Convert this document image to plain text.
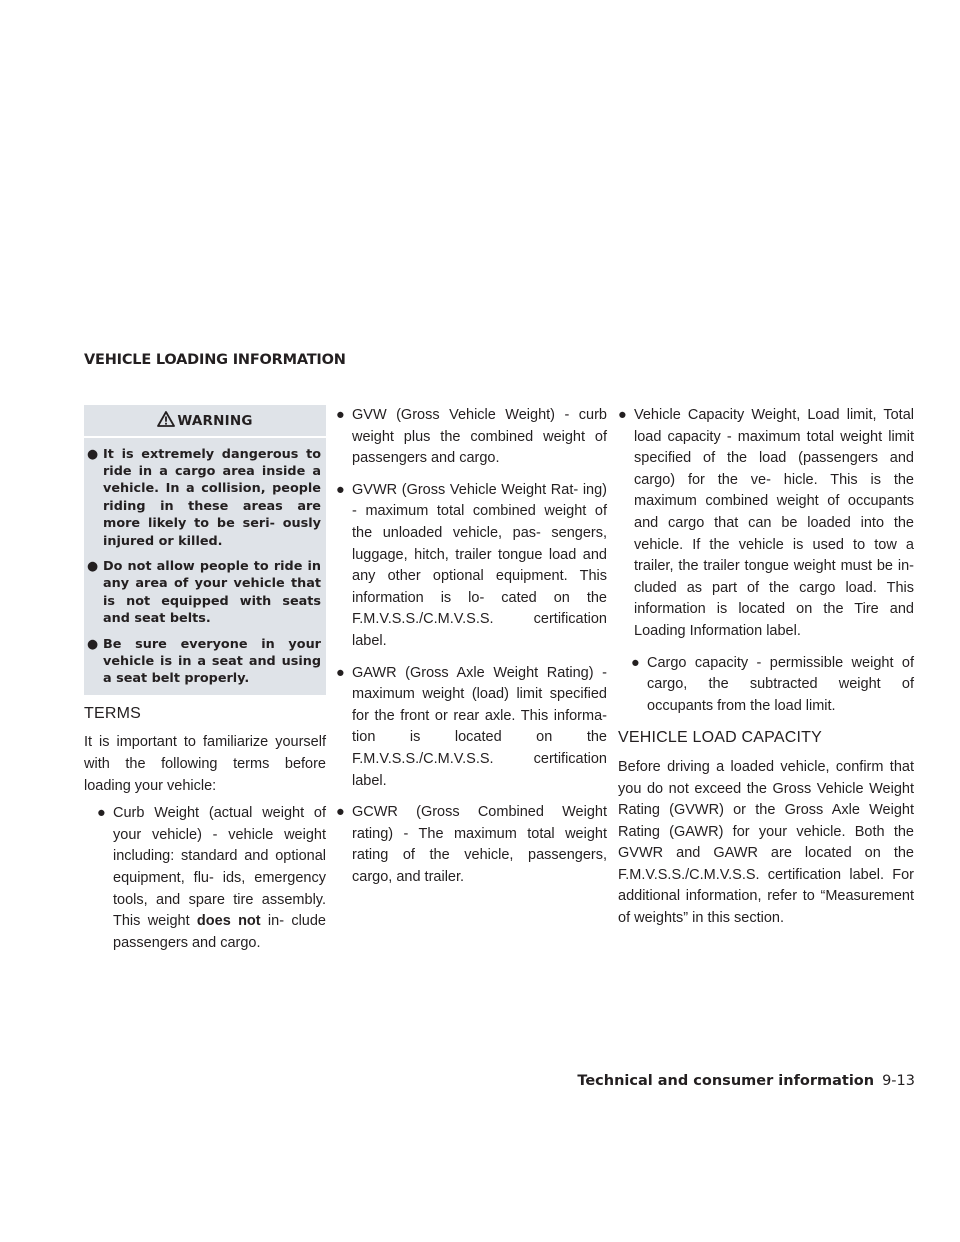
VEHICLE LOADING INFORMATION
WARNING

● It is extremely dangerous to ride in a cargo area inside a vehicle. In a collision, people riding in these areas are more likely to be seri- ously injured or killed.

● Do not allow people to ride in any area of your vehicle that is not equipped with seats and seat belts.

● Be sure everyone in your vehicle is in a seat and using a seat belt properly.

TERMS

It is important to familiarize yourself with the following terms before loading your vehicle:

● Curb Weight (actual weight of your vehicle) - vehicle weight including: standard and optional equipment, flu- ids, emergency tools, and spare tire assembly. This weight does not in- clude passengers and cargo.

● GVW (Gross Vehicle Weight) - curb weight plus the combined weight of passengers and cargo.

● GVWR (Gross Vehicle Weight Rat- ing) - maximum total combined weight of the unloaded vehicle, pas- sengers, luggage, hitch, trailer tongue load and any other optional equipment. This information is lo- cated on the F.M.V.S.S./C.M.V.S.S. certification label.

● GAWR (Gross Axle Weight Rating) - maximum weight (load) limit specified for the front or rear axle. This informa- tion is located on the F.M.V.S.S./C.M.V.S.S. certification label.

● GCWR (Gross Combined Weight rating) - The maximum total weight rating of the vehicle, passengers, cargo, and trailer.

● Vehicle Capacity Weight, Load limit, Total load capacity - maximum total weight limit specified of the load (passengers and cargo) for the ve- hicle. This is the maximum combined weight of occupants and cargo that can be loaded into the vehicle. If the vehicle is used to tow a trailer, the trailer tongue weight must be in- cluded as part of the cargo load. This information is located on the Tire and Loading Information label.

● Cargo capacity - permissible weight of cargo, the subtracted weight of occupants from the load limit.

VEHICLE LOAD CAPACITY

Before driving a loaded vehicle, confirm that you do not exceed the Gross Vehicle Weight Rating (GVWR) or the Gross Axle Weight Rating (GAWR) for your vehicle. Both the GVWR and GAWR are located on the F.M.V.S.S./C.M.V.S.S. certification label. For additional information, refer to “Measurement of weights” in this section.

Technical and consumer information 9-13
